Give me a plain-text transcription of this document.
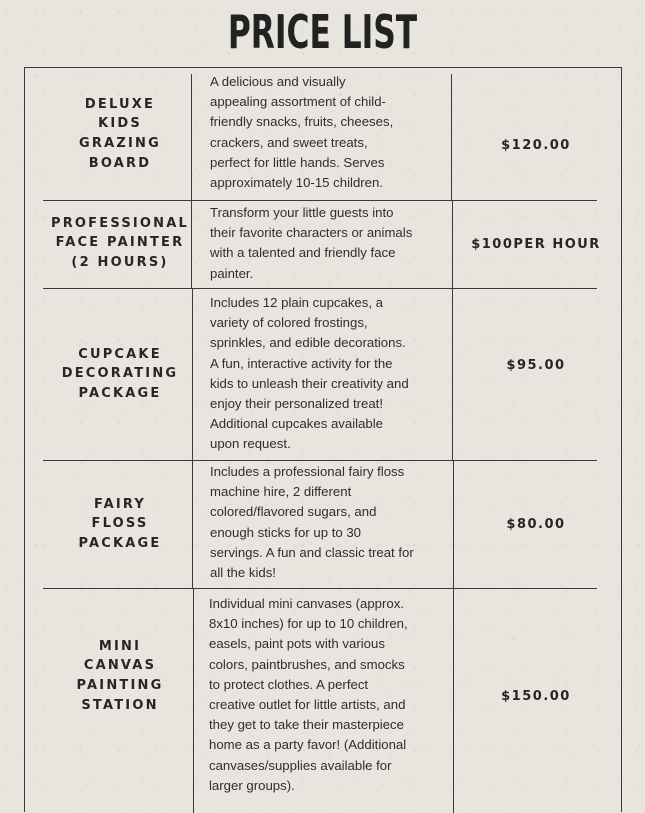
PRICE LIST
DELUXE
KIDS
GRAZING
BOARD
A delicious and visually
appealing assortment of child-
friendly snacks, fruits, cheeses,
crackers, and sweet treats,
perfect for little hands. Serves
approximately 10-15 children.
$120.00
PROFESSIONAL
FACE PAINTER
(2 HOURS)
Transform your little guests into
their favorite characters or animals
with a talented and friendly face
painter.
$100PER HOUR
CUPCAKE
DECORATING
PACKAGE
Includes 12 plain cupcakes, a
variety of colored frostings,
sprinkles, and edible decorations.
A fun, interactive activity for the
kids to unleash their creativity and
enjoy their personalized treat!
Additional cupcakes available
upon request.
$95.00
FAIRY
FLOSS
PACKAGE
Includes a professional fairy floss
machine hire, 2 different
colored/flavored sugars, and
enough sticks for up to 30
servings. A fun and classic treat for
all the kids!
$80.00
MINI
CANVAS
PAINTING
STATION
Individual mini canvases (approx.
8x10 inches) for up to 10 children,
easels, paint pots with various
colors, paintbrushes, and smocks
to protect clothes. A perfect
creative outlet for little artists, and
they get to take their masterpiece
home as a party favor! (Additional
canvases/supplies available for
larger groups).
$150.00
